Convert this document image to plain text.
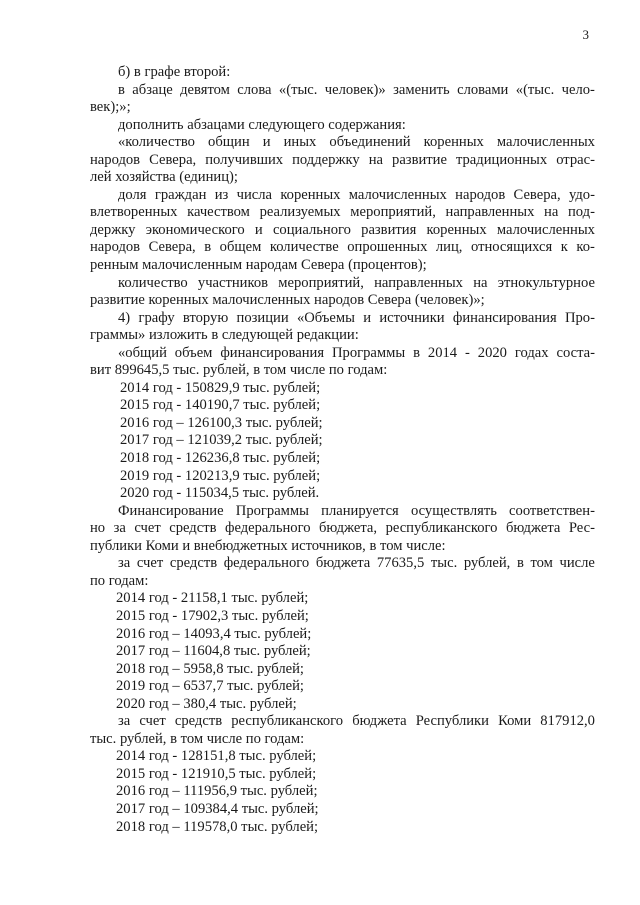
3
б) в графе второй:
в абзаце девятом слова «(тыс. человек)» заменить словами «(тыс. чело-
век);»;
дополнить абзацами следующего содержания:
«количество общин и иных объединений коренных малочисленных
народов Севера, получивших поддержку на развитие традиционных отрас-
лей хозяйства (единиц);
доля граждан из числа коренных малочисленных народов Севера, удо-
влетворенных качеством реализуемых мероприятий, направленных на под-
держку экономического и социального развития коренных малочисленных
народов Севера, в общем количестве опрошенных лиц, относящихся к ко-
ренным малочисленным народам Севера (процентов);
количество участников мероприятий, направленных на этнокультурное
развитие коренных малочисленных народов Севера (человек)»;
4) графу вторую позиции «Объемы и источники финансирования Про-
граммы» изложить в следующей редакции:
«общий объем финансирования Программы в 2014 - 2020 годах соста-
вит 899645,5 тыс. рублей, в том числе по годам:
2014 год - 150829,9 тыс. рублей;
2015 год - 140190,7 тыс. рублей;
2016 год – 126100,3 тыс. рублей;
2017 год – 121039,2 тыс. рублей;
2018 год - 126236,8 тыс. рублей;
2019 год - 120213,9 тыс. рублей;
2020 год - 115034,5 тыс. рублей.
Финансирование Программы планируется осуществлять соответствен-
но за счет средств федерального бюджета, республиканского бюджета Рес-
публики Коми и внебюджетных источников, в том числе:
за счет средств федерального бюджета 77635,5 тыс. рублей, в том числе
по годам:
2014 год - 21158,1 тыс. рублей;
2015 год - 17902,3 тыс. рублей;
2016 год – 14093,4 тыс. рублей;
2017 год – 11604,8 тыс. рублей;
2018 год – 5958,8 тыс. рублей;
2019 год – 6537,7 тыс. рублей;
2020 год – 380,4 тыс. рублей;
за счет средств республиканского бюджета Республики Коми 817912,0
тыс. рублей, в том числе по годам:
2014 год - 128151,8 тыс. рублей;
2015 год - 121910,5 тыс. рублей;
2016 год – 111956,9 тыс. рублей;
2017 год – 109384,4 тыс. рублей;
2018 год – 119578,0 тыс. рублей;
